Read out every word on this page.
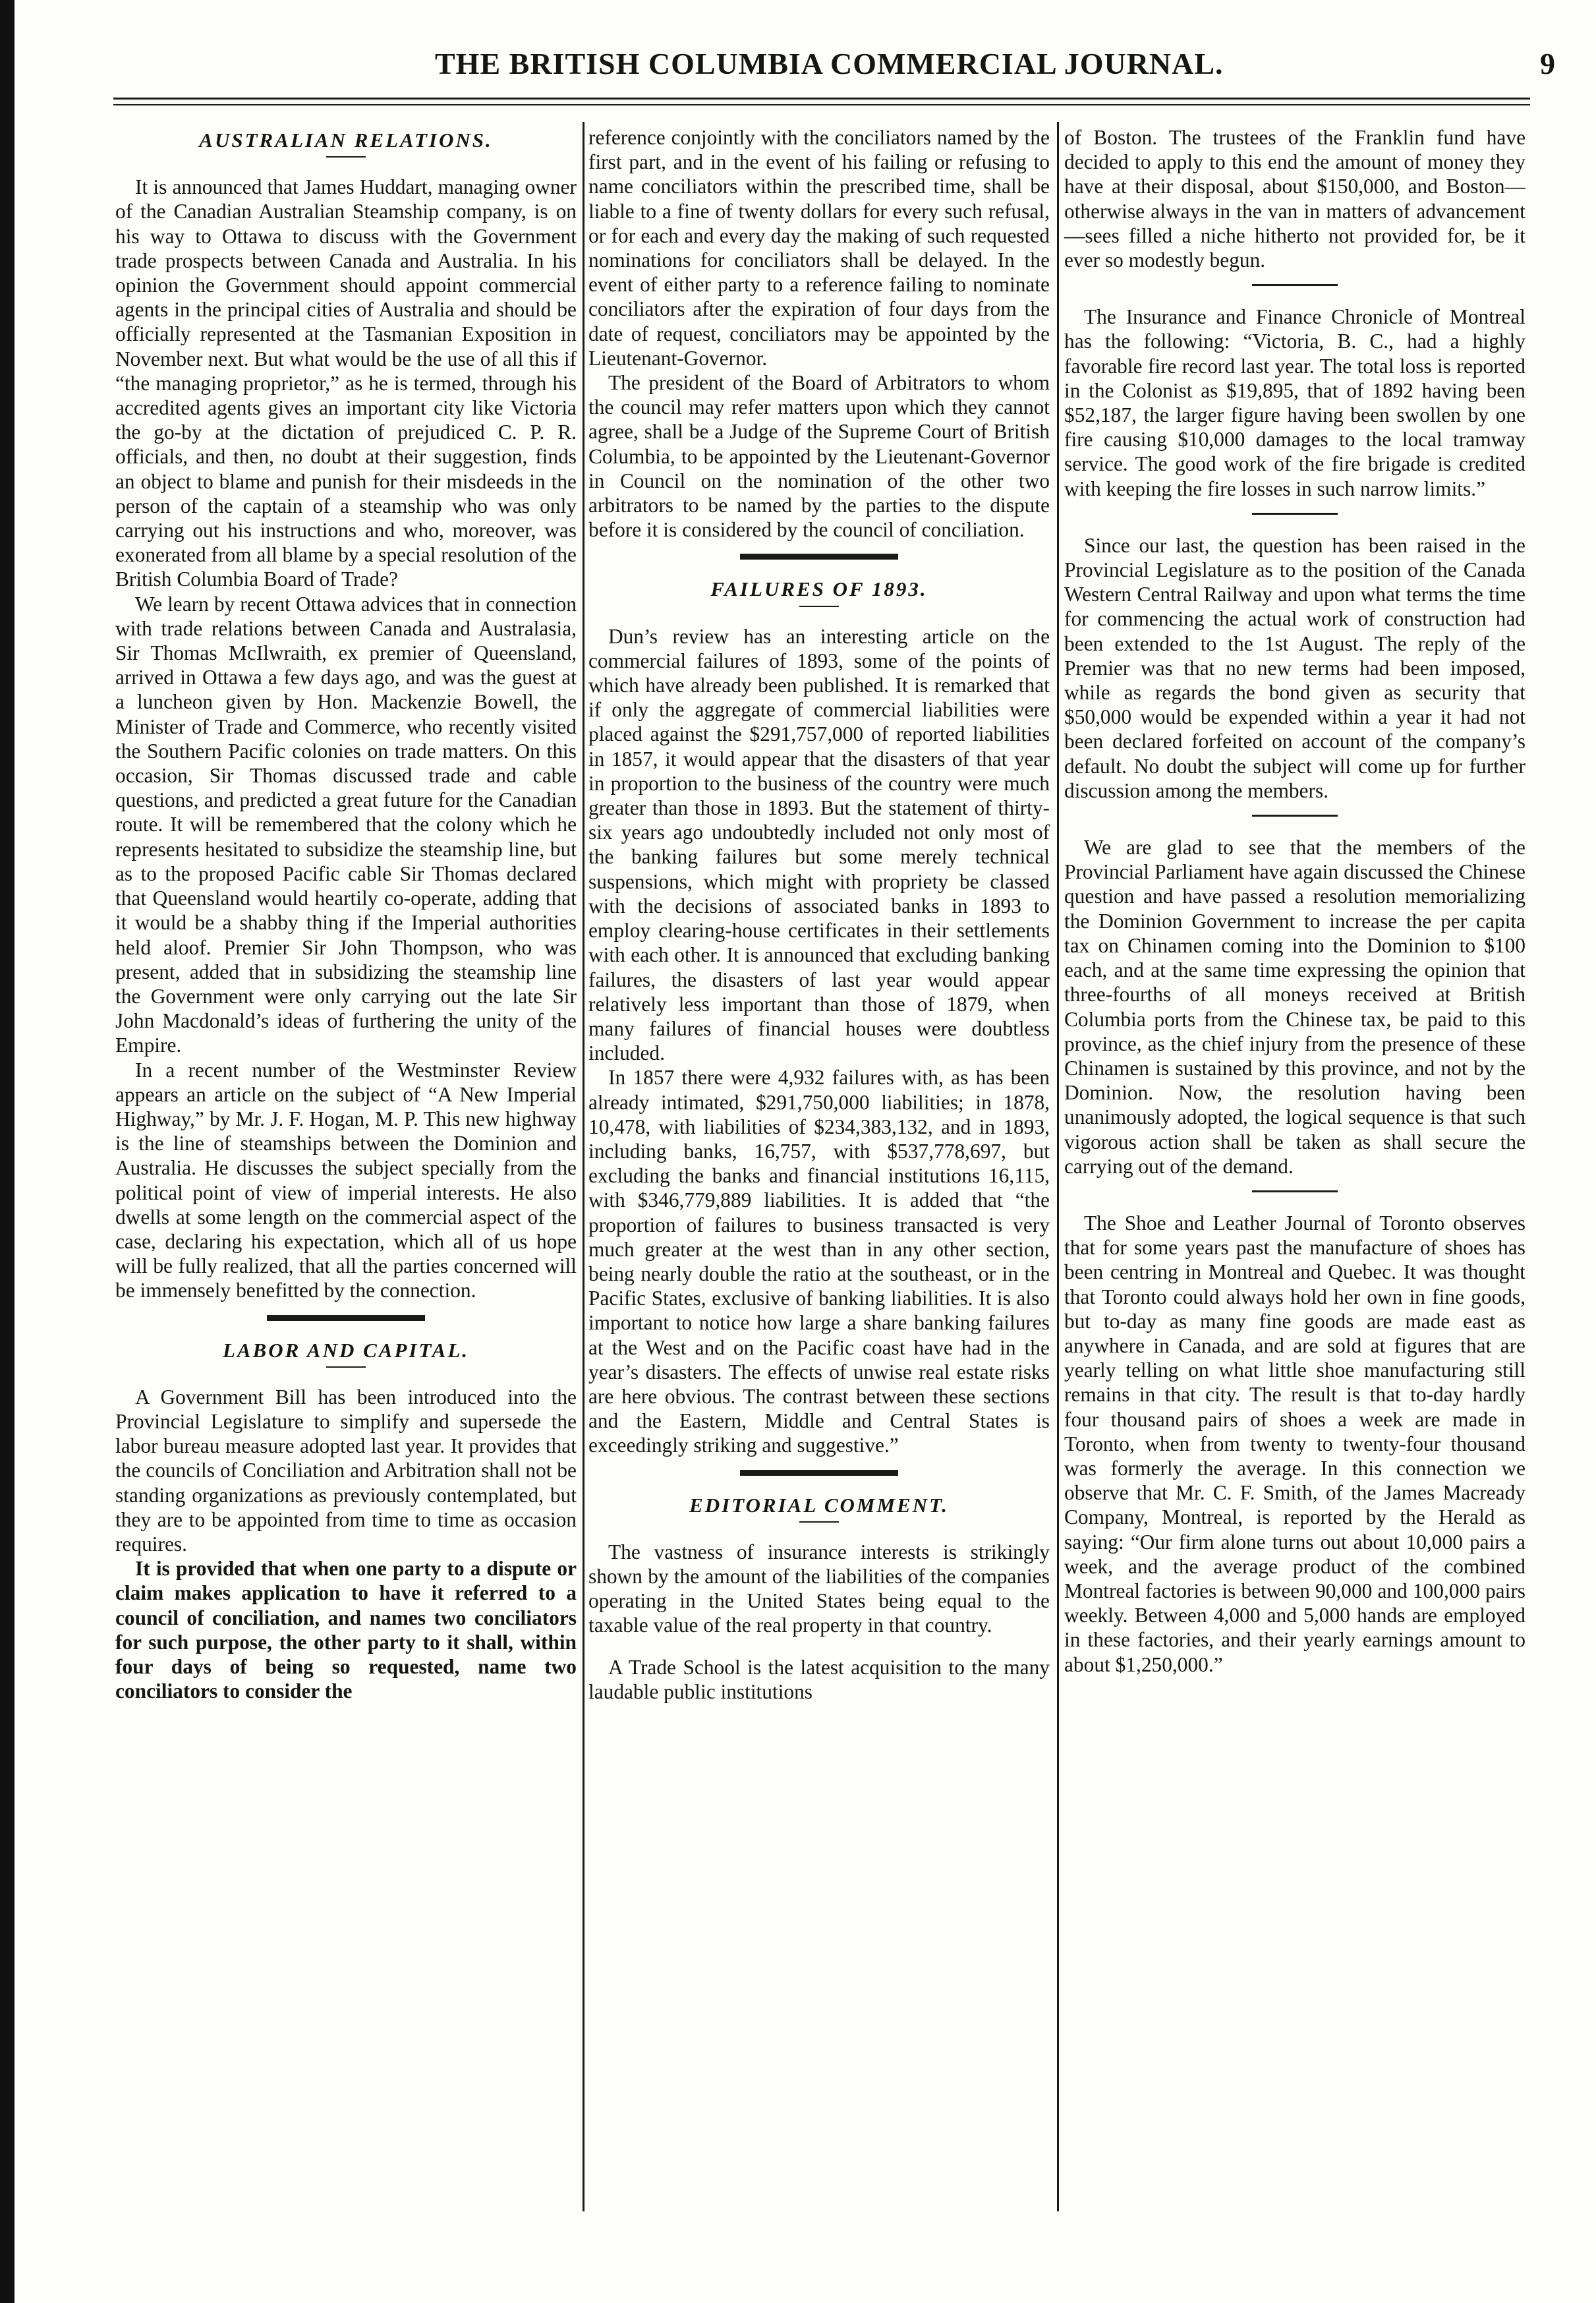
THE BRITISH COLUMBIA COMMERCIAL JOURNAL.	9
AUSTRALIAN RELATIONS.

It is announced that James Huddart, managing owner of the Canadian Australian Steamship company, is on his way to Ottawa to discuss with the Government trade prospects between Canada and Australia. In his opinion the Government should appoint commercial agents in the principal cities of Australia and should be officially represented at the Tasmanian Exposition in November next. But what would be the use of all this if “the managing proprietor,” as he is termed, through his accredited agents gives an important city like Victoria the go-by at the dictation of prejudiced C. P. R. officials, and then, no doubt at their suggestion, finds an object to blame and punish for their misdeeds in the person of the captain of a steamship who was only carrying out his instructions and who, moreover, was exonerated from all blame by a special resolution of the British Columbia Board of Trade?

We learn by recent Ottawa advices that in connection with trade relations between Canada and Australasia, Sir Thomas McIlwraith, ex premier of Queensland, arrived in Ottawa a few days ago, and was the guest at a luncheon given by Hon. Mackenzie Bowell, the Minister of Trade and Commerce, who recently visited the Southern Pacific colonies on trade matters. On this occasion, Sir Thomas discussed trade and cable questions, and predicted a great future for the Canadian route. It will be remembered that the colony which he represents hesitated to subsidize the steamship line, but as to the proposed Pacific cable Sir Thomas declared that Queensland would heartily co-operate, adding that it would be a shabby thing if the Imperial authorities held aloof. Premier Sir John Thompson, who was present, added that in subsidizing the steamship line the Government were only carrying out the late Sir John Macdonald’s ideas of furthering the unity of the Empire.

In a recent number of the Westminster Review appears an article on the subject of “A New Imperial Highway,” by Mr. J. F. Hogan, M. P. This new highway is the line of steamships between the Dominion and Australia. He discusses the subject specially from the political point of view of imperial interests. He also dwells at some length on the commercial aspect of the case, declaring his expectation, which all of us hope will be fully realized, that all the parties concerned will be immensely benefitted by the connection.

LABOR AND CAPITAL.

A Government Bill has been introduced into the Provincial Legislature to simplify and supersede the labor bureau measure adopted last year. It provides that the councils of Conciliation and Arbitration shall not be standing organizations as previously contemplated, but they are to be appointed from time to time as occasion requires.

It is provided that when one party to a dispute or claim makes application to have it referred to a council of conciliation, and names two conciliators for such purpose, the other party to it shall, within four days of being so requested, name two conciliators to consider the

reference conjointly with the conciliators named by the first part, and in the event of his failing or refusing to name conciliators within the prescribed time, shall be liable to a fine of twenty dollars for every such refusal, or for each and every day the making of such requested nominations for conciliators shall be delayed. In the event of either party to a reference failing to nominate conciliators after the expiration of four days from the date of request, conciliators may be appointed by the Lieutenant-Governor.

The president of the Board of Arbitrators to whom the council may refer matters upon which they cannot agree, shall be a Judge of the Supreme Court of British Columbia, to be appointed by the Lieutenant-Governor in Council on the nomination of the other two arbitrators to be named by the parties to the dispute before it is considered by the council of conciliation.

FAILURES OF 1893.

Dun’s review has an interesting article on the commercial failures of 1893, some of the points of which have already been published. It is remarked that if only the aggregate of commercial liabilities were placed against the $291,757,000 of reported liabilities in 1857, it would appear that the disasters of that year in proportion to the business of the country were much greater than those in 1893. But the statement of thirty-six years ago undoubtedly included not only most of the banking failures but some merely technical suspensions, which might with propriety be classed with the decisions of associated banks in 1893 to employ clearing-house certificates in their settlements with each other. It is announced that excluding banking failures, the disasters of last year would appear relatively less important than those of 1879, when many failures of financial houses were doubtless included.

In 1857 there were 4,932 failures with, as has been already intimated, $291,750,000 liabilities; in 1878, 10,478, with liabilities of $234,383,132, and in 1893, including banks, 16,757, with $537,778,697, but excluding the banks and financial institutions 16,115, with $346,779,889 liabilities. It is added that “the proportion of failures to business transacted is very much greater at the west than in any other section, being nearly double the ratio at the southeast, or in the Pacific States, exclusive of banking liabilities. It is also important to notice how large a share banking failures at the West and on the Pacific coast have had in the year’s disasters. The effects of unwise real estate risks are here obvious. The contrast between these sections and the Eastern, Middle and Central States is exceedingly striking and suggestive.”

EDITORIAL COMMENT.

The vastness of insurance interests is strikingly shown by the amount of the liabilities of the companies operating in the United States being equal to the taxable value of the real property in that country.

A Trade School is the latest acquisition to the many laudable public institutions

of Boston. The trustees of the Franklin fund have decided to apply to this end the amount of money they have at their disposal, about $150,000, and Boston—otherwise always in the van in matters of advancement—sees filled a niche hitherto not provided for, be it ever so modestly begun.

The Insurance and Finance Chronicle of Montreal has the following: “Victoria, B. C., had a highly favorable fire record last year. The total loss is reported in the Colonist as $19,895, that of 1892 having been $52,187, the larger figure having been swollen by one fire causing $10,000 damages to the local tramway service. The good work of the fire brigade is credited with keeping the fire losses in such narrow limits.”

Since our last, the question has been raised in the Provincial Legislature as to the position of the Canada Western Central Railway and upon what terms the time for commencing the actual work of construction had been extended to the 1st August. The reply of the Premier was that no new terms had been imposed, while as regards the bond given as security that $50,000 would be expended within a year it had not been declared forfeited on account of the company’s default. No doubt the subject will come up for further discussion among the members.

We are glad to see that the members of the Provincial Parliament have again discussed the Chinese question and have passed a resolution memorializing the Dominion Government to increase the per capita tax on Chinamen coming into the Dominion to $100 each, and at the same time expressing the opinion that three-fourths of all moneys received at British Columbia ports from the Chinese tax, be paid to this province, as the chief injury from the presence of these Chinamen is sustained by this province, and not by the Dominion. Now, the resolution having been unanimously adopted, the logical sequence is that such vigorous action shall be taken as shall secure the carrying out of the demand.

The Shoe and Leather Journal of Toronto observes that for some years past the manufacture of shoes has been centring in Montreal and Quebec. It was thought that Toronto could always hold her own in fine goods, but to-day as many fine goods are made east as anywhere in Canada, and are sold at figures that are yearly telling on what little shoe manufacturing still remains in that city. The result is that to-day hardly four thousand pairs of shoes a week are made in Toronto, when from twenty to twenty-four thousand was formerly the average. In this connection we observe that Mr. C. F. Smith, of the James Macready Company, Montreal, is reported by the Herald as saying: “Our firm alone turns out about 10,000 pairs a week, and the average product of the combined Montreal factories is between 90,000 and 100,000 pairs weekly. Between 4,000 and 5,000 hands are employed in these factories, and their yearly earnings amount to about $1,250,000.”
